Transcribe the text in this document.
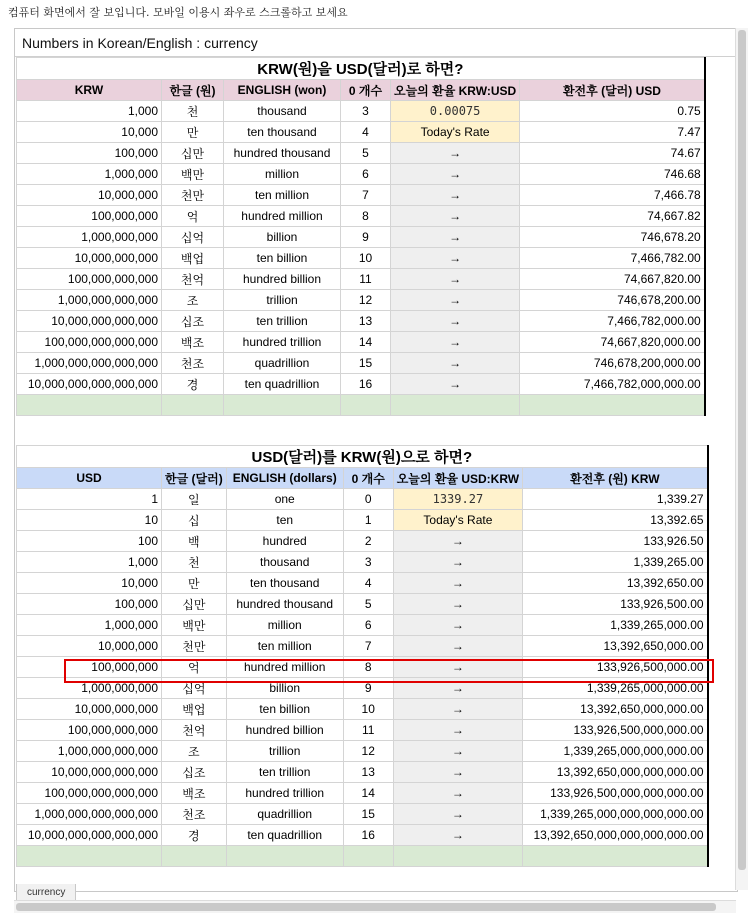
컴퓨터 화면에서 잘 보입니다. 모바일 이용시 좌우로 스크롤하고 보세요
Numbers in Korean/English : currency
KRW(원)을 USD(달러)로 하면?					
KRW	한글 (원)	ENGLISH (won)	0 개수	오늘의 환율 KRW:USD	환전후 (달러) USD
1,000	천	thousand	3	0.00075	0.75
10,000	만	ten thousand	4	Today's Rate	7.47
100,000	십만	hundred thousand	5	→	74.67
1,000,000	백만	million	6	→	746.68
10,000,000	천만	ten million	7	→	7,466.78
100,000,000	억	hundred million	8	→	74,667.82
1,000,000,000	십억	billion	9	→	746,678.20
10,000,000,000	백업	ten billion	10	→	7,466,782.00
100,000,000,000	천억	hundred billion	11	→	74,667,820.00
1,000,000,000,000	조	trillion	12	→	746,678,200.00
10,000,000,000,000	십조	ten trillion	13	→	7,466,782,000.00
100,000,000,000,000	백조	hundred trillion	14	→	74,667,820,000.00
1,000,000,000,000,000	천조	quadrillion	15	→	746,678,200,000.00
10,000,000,000,000,000	경	ten quadrillion	16	→	7,466,782,000,000.00

USD(달러)를 KRW(원)으로 하면?					
USD	한글 (달러)	ENGLISH (dollars)	0 개수	오늘의 환율 USD:KRW	환전후 (원) KRW
1	일	one	0	1339.27	1,339.27
10	십	ten	1	Today's Rate	13,392.65
100	백	hundred	2	→	133,926.50
1,000	천	thousand	3	→	1,339,265.00
10,000	만	ten thousand	4	→	13,392,650.00
100,000	십만	hundred thousand	5	→	133,926,500.00
1,000,000	백만	million	6	→	1,339,265,000.00
10,000,000	천만	ten million	7	→	13,392,650,000.00
100,000,000	억	hundred million	8	→	133,926,500,000.00
1,000,000,000	십억	billion	9	→	1,339,265,000,000.00
10,000,000,000	백업	ten billion	10	→	13,392,650,000,000.00
100,000,000,000	천억	hundred billion	11	→	133,926,500,000,000.00
1,000,000,000,000	조	trillion	12	→	1,339,265,000,000,000.00
10,000,000,000,000	십조	ten trillion	13	→	13,392,650,000,000,000.00
100,000,000,000,000	백조	hundred trillion	14	→	133,926,500,000,000,000.00
1,000,000,000,000,000	천조	quadrillion	15	→	1,339,265,000,000,000,000.00
10,000,000,000,000,000	경	ten quadrillion	16	→	13,392,650,000,000,000,000.00

currency
